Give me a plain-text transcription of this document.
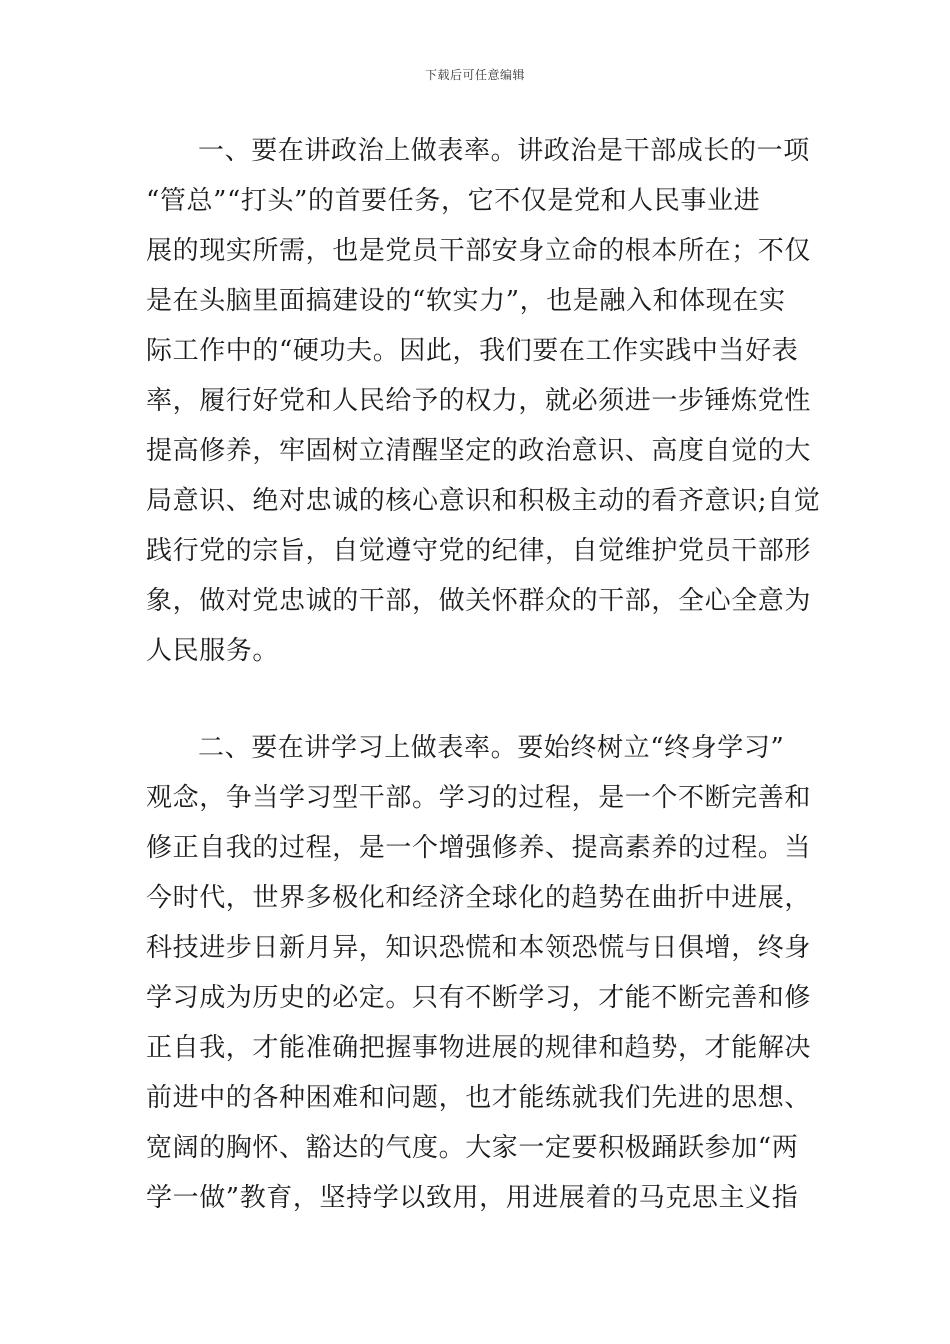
下载后可任意编辑
一、要在讲政治上做表率。讲政治是干部成长的一项
“管总”“打头”的首要任务，它不仅是党和人民事业进
展的现实所需，也是党员干部安身立命的根本所在；不仅
是在头脑里面搞建设的“软实力”，也是融入和体现在实
际工作中的“硬功夫。因此，我们要在工作实践中当好表
率，履行好党和人民给予的权力，就必须进一步锤炼党性
提高修养，牢固树立清醒坚定的政治意识、高度自觉的大
局意识、绝对忠诚的核心意识和积极主动的看齐意识;自觉
践行党的宗旨，自觉遵守党的纪律，自觉维护党员干部形
象，做对党忠诚的干部，做关怀群众的干部，全心全意为
人民服务。
二、要在讲学习上做表率。要始终树立“终身学习”
观念，争当学习型干部。学习的过程，是一个不断完善和
修正自我的过程，是一个增强修养、提高素养的过程。当
今时代，世界多极化和经济全球化的趋势在曲折中进展，
科技进步日新月异，知识恐慌和本领恐慌与日俱增，终身
学习成为历史的必定。只有不断学习，才能不断完善和修
正自我，才能准确把握事物进展的规律和趋势，才能解决
前进中的各种困难和问题，也才能练就我们先进的思想、
宽阔的胸怀、豁达的气度。大家一定要积极踊跃参加“两
学一做”教育，坚持学以致用，用进展着的马克思主义指
